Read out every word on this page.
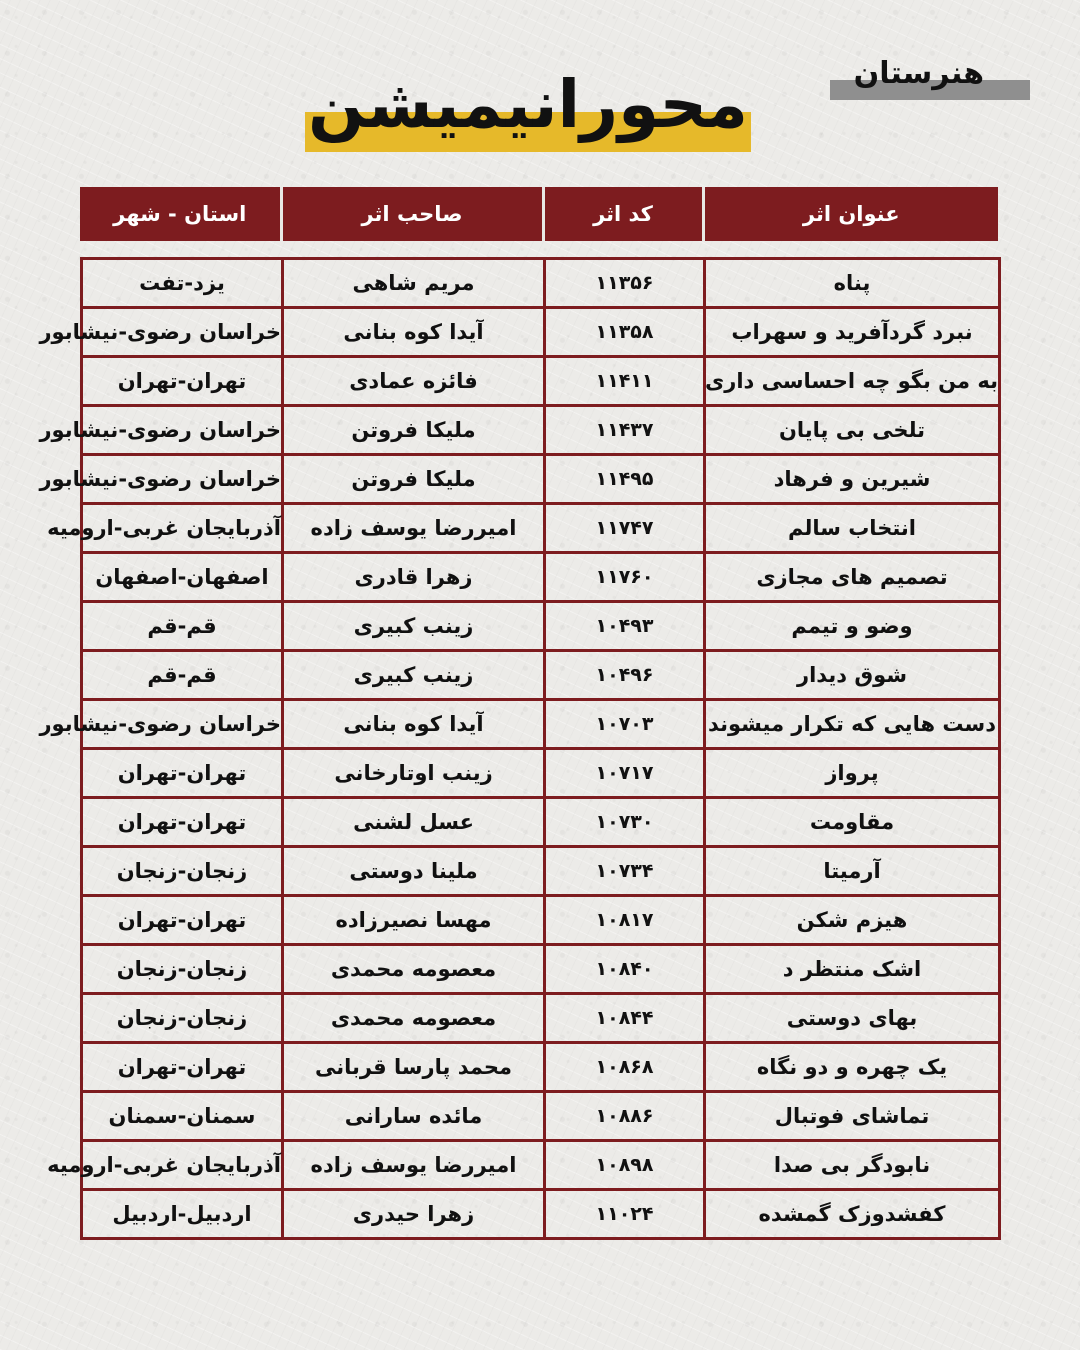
هنرستان
محورانیمیشن
عنوان اثر	کد اثر	صاحب اثر	استان - شهر
پناه	۱۱۳۵۶	مریم شاهی	یزد-تفت
نبرد گردآفرید و سهراب	۱۱۳۵۸	آیدا کوه بنانی	خراسان رضوی-نیشابور
به من بگو چه احساسی داری	۱۱۴۱۱	فائزه عمادی	تهران-تهران
تلخی بی پایان	۱۱۴۳۷	ملیکا فروتن	خراسان رضوی-نیشابور
شیرین و فرهاد	۱۱۴۹۵	ملیکا فروتن	خراسان رضوی-نیشابور
انتخاب سالم	۱۱۷۴۷	امیررضا یوسف زاده	آذربایجان غربی-ارومیه
تصمیم های مجازی	۱۱۷۶۰	زهرا قادری	اصفهان-اصفهان
وضو و تیمم	۱۰۴۹۳	زینب کبیری	قم-قم
شوق دیدار	۱۰۴۹۶	زینب کبیری	قم-قم
دست هایی که تکرار میشوند	۱۰۷۰۳	آیدا کوه بنانی	خراسان رضوی-نیشابور
پرواز	۱۰۷۱۷	زینب اوتارخانی	تهران-تهران
مقاومت	۱۰۷۳۰	عسل لشنی	تهران-تهران
آرمیتا	۱۰۷۳۴	ملینا دوستی	زنجان-زنجان
هیزم شکن	۱۰۸۱۷	مهسا نصیرزاده	تهران-تهران
اشک منتظر د	۱۰۸۴۰	معصومه محمدی	زنجان-زنجان
بهای دوستی	۱۰۸۴۴	معصومه محمدی	زنجان-زنجان
یک چهره و دو نگاه	۱۰۸۶۸	محمد پارسا قربانی	تهران-تهران
تماشای فوتبال	۱۰۸۸۶	مائده سارانی	سمنان-سمنان
نابودگر بی صدا	۱۰۸۹۸	امیررضا یوسف زاده	آذربایجان غربی-ارومیه
کفشدوزک گمشده	۱۱۰۲۴	زهرا حیدری	اردبیل-اردبیل
